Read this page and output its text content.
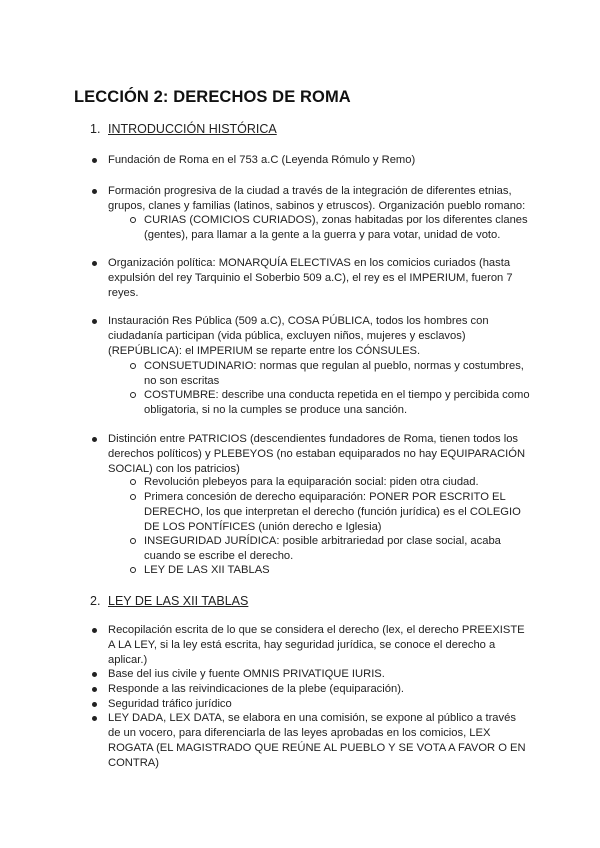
LECCIÓN 2: DERECHOS DE ROMA
1. INTRODUCCIÓN HISTÓRICA
Fundación de Roma en el 753 a.C (Leyenda Rómulo y Remo)
Formación progresiva de la ciudad a través de la integración de diferentes etnias, grupos, clanes y familias (latinos, sabinos y etruscos). Organización pueblo romano:
CURIAS (COMICIOS CURIADOS), zonas habitadas por los diferentes clanes (gentes), para llamar a la gente a la guerra y para votar, unidad de voto.
Organización política: MONARQUÍA ELECTIVAS en los comicios curiados (hasta expulsión del rey Tarquinio el Soberbio 509 a.C), el rey es el IMPERIUM, fueron 7 reyes.
Instauración Res Pública (509 a.C), COSA PÚBLICA, todos los hombres con ciudadanía participan (vida pública, excluyen niños, mujeres y esclavos) (REPÚBLICA): el IMPERIUM se reparte entre los CÓNSULES.
CONSUETUDINARIO: normas que regulan al pueblo, normas y costumbres, no son escritas
COSTUMBRE: describe una conducta repetida en el tiempo y percibida como obligatoria, si no la cumples se produce una sanción.
Distinción entre PATRICIOS (descendientes fundadores de Roma, tienen todos los derechos políticos) y PLEBEYOS (no estaban equiparados no hay EQUIPARACIÓN SOCIAL) con los patricios)
Revolución plebeyos para la equiparación social: piden otra ciudad.
Primera concesión de derecho equiparación: PONER POR ESCRITO EL DERECHO, los que interpretan el derecho (función jurídica) es el COLEGIO DE LOS PONTÍFICES (unión derecho e Iglesia)
INSEGURIDAD JURÍDICA: posible arbitrariedad por clase social, acaba cuando se escribe el derecho.
LEY DE LAS XII TABLAS
2. LEY DE LAS XII TABLAS
Recopilación escrita de lo que se considera el derecho (lex, el derecho PREEXISTE A LA LEY, si la ley está escrita, hay seguridad jurídica, se conoce el derecho a aplicar.)
Base del ius civile y fuente OMNIS PRIVATIQUE IURIS.
Responde a las reivindicaciones de la plebe (equiparación).
Seguridad tráfico jurídico
LEY DADA, LEX DATA, se elabora en una comisión, se expone al público a través de un vocero, para diferenciarla de las leyes aprobadas en los comicios, LEX ROGATA (EL MAGISTRADO QUE REÚNE AL PUEBLO Y SE VOTA A FAVOR O EN CONTRA)
